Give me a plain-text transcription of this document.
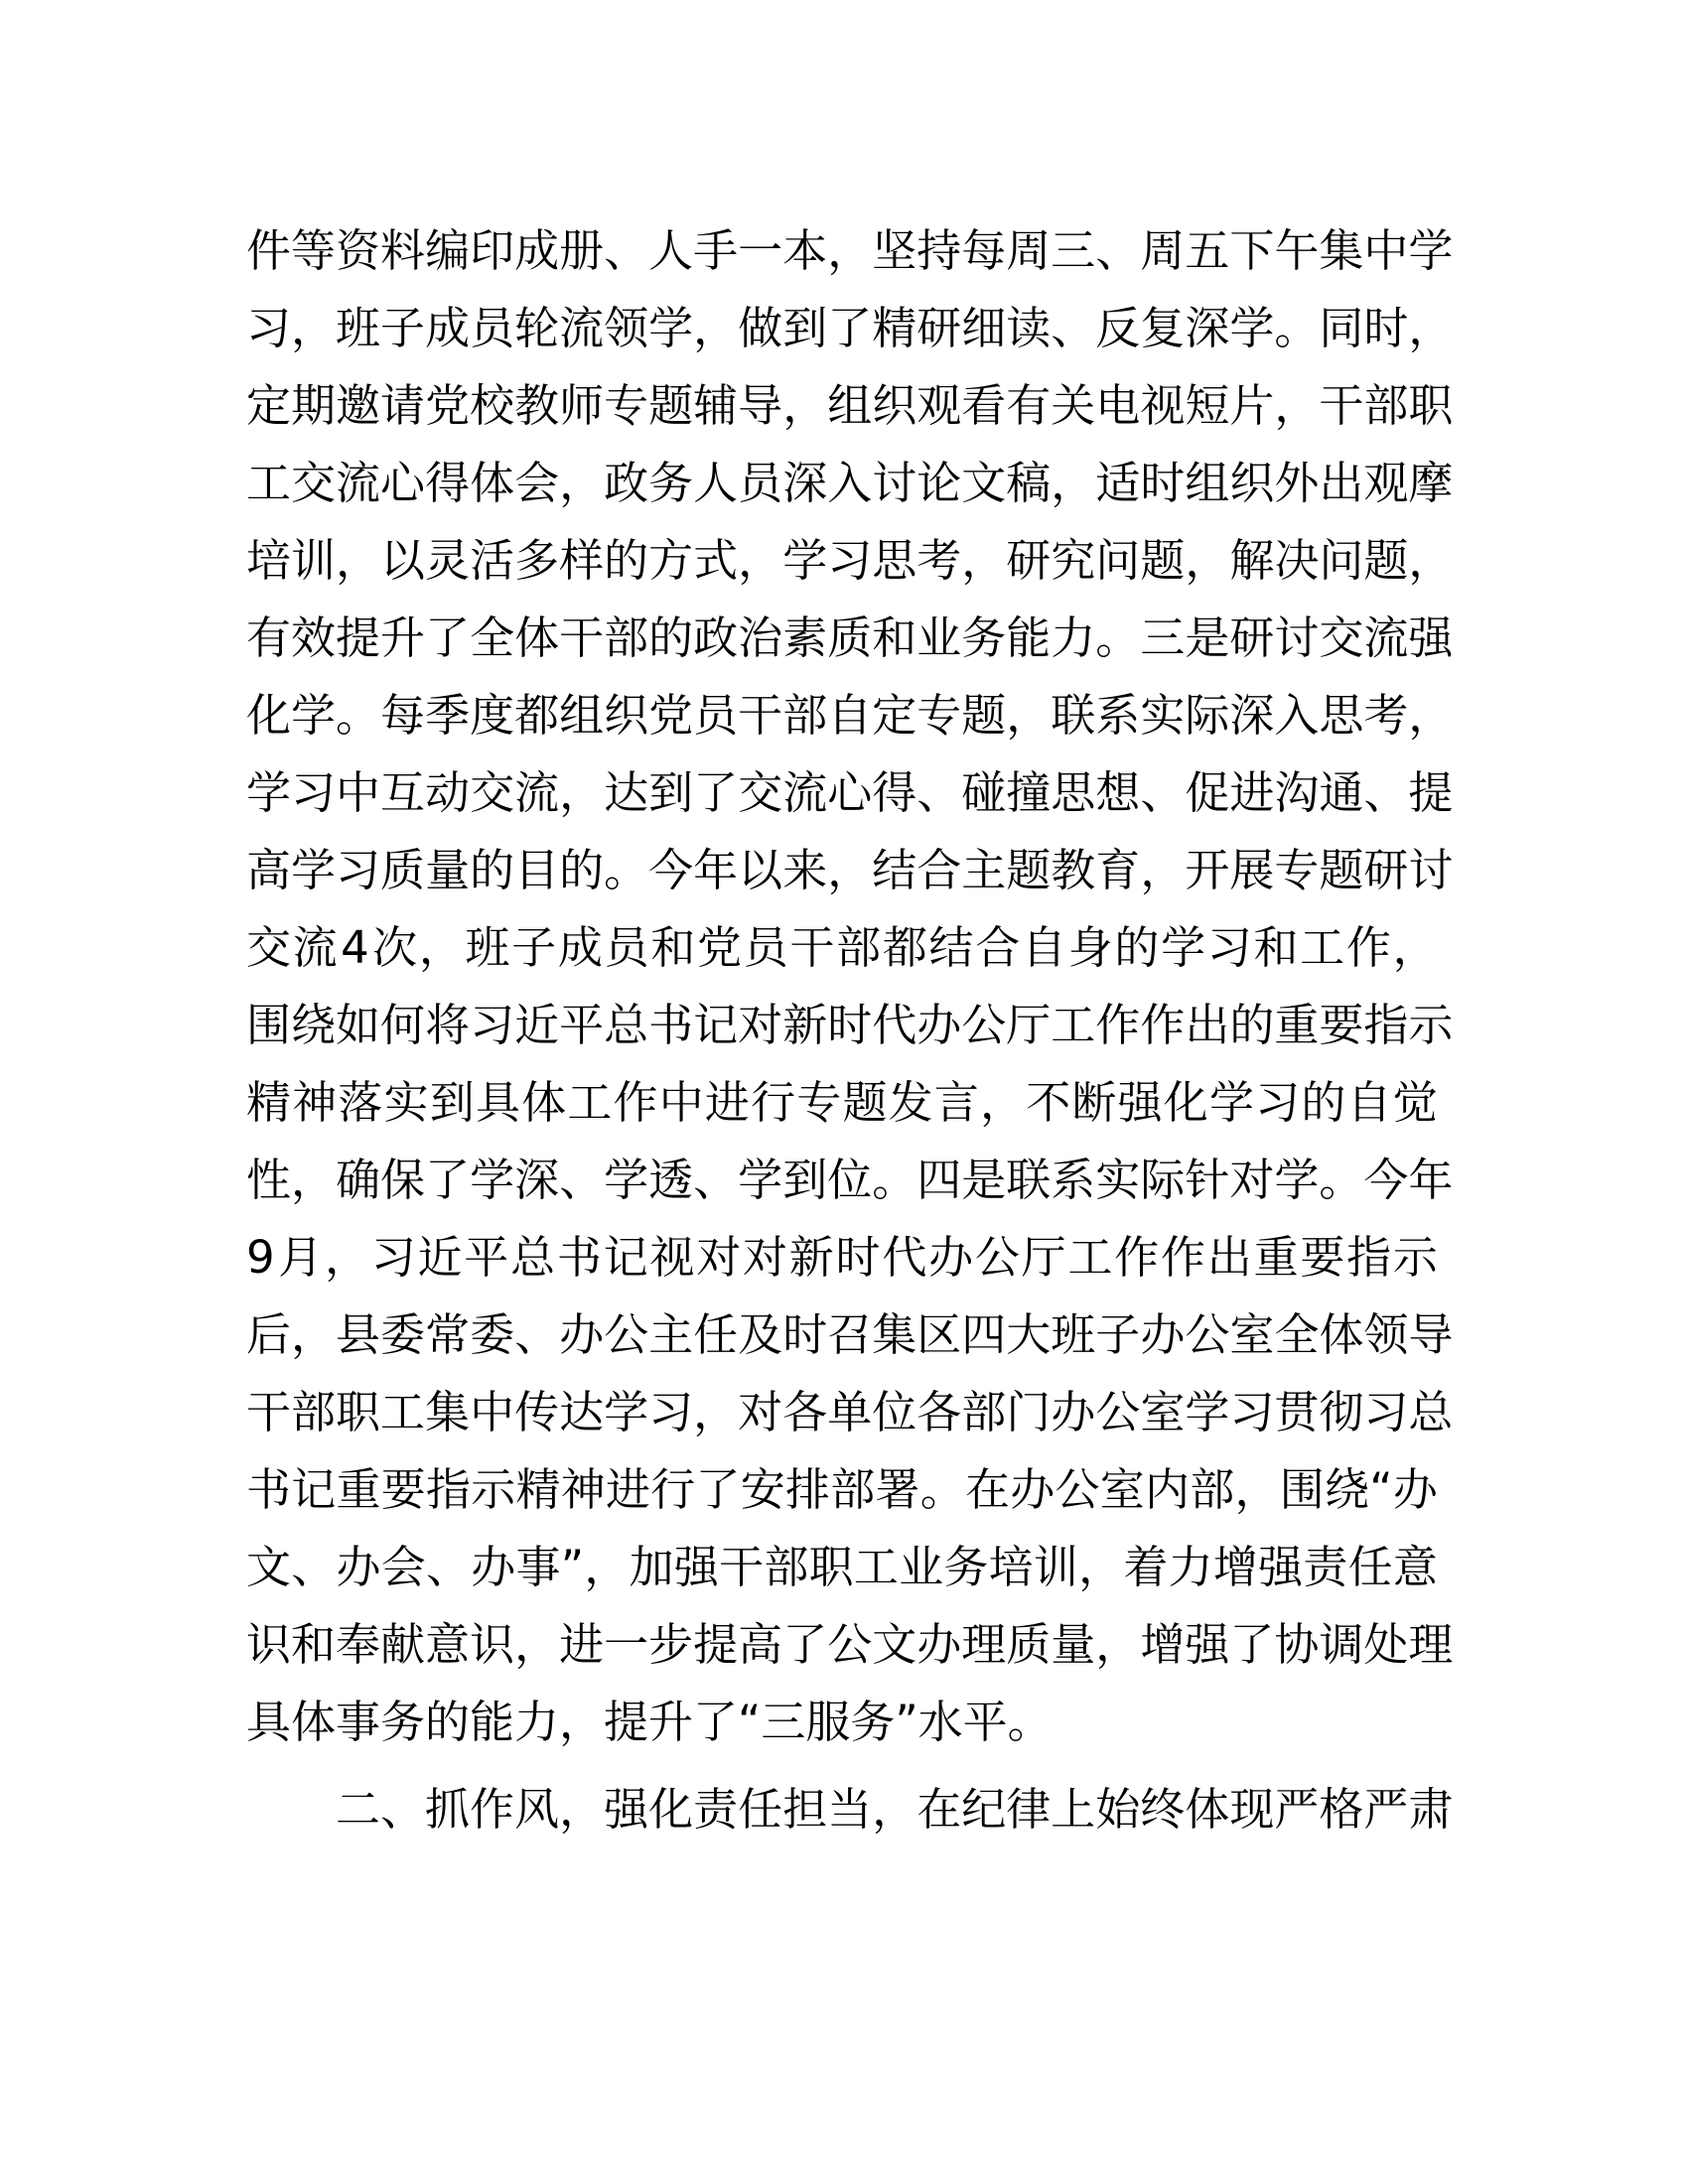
件 等 资 料 编 印 成 册 、 人 手 一 本 ， 坚 持 每 周 三 、 周 五 下 午 集 中 学
习 ， 班 子 成 员 轮 流 领 学 ， 做 到 了 精 研 细 读 、 反 复 深 学 。 同 时 ，
定 期 邀 请 党 校 教 师 专 题 辅 导 ， 组 织 观 看 有 关 电 视 短 片 ， 干 部 职
工 交 流 心 得 体 会 ， 政 务 人 员 深 入 讨 论 文 稿 ， 适 时 组 织 外 出 观 摩
培 训 ， 以 灵 活 多 样 的 方 式 ， 学 习 思 考 ， 研 究 问 题 ， 解 决 问 题 ，
有 效 提 升 了 全 体 干 部 的 政 治 素 质 和 业 务 能 力 。 三 是 研 讨 交 流 强
化 学 。 每 季 度 都 组 织 党 员 干 部 自 定 专 题 ， 联 系 实 际 深 入 思 考 ，
学 习 中 互 动 交 流 ， 达 到 了 交 流 心 得 、 碰 撞 思 想 、 促 进 沟 通 、 提
高 学 习 质 量 的 目 的 。 今 年 以 来 ， 结 合 主 题 教 育 ， 开 展 专 题 研 讨
交 流 4 次 ， 班 子 成 员 和 党 员 干 部 都 结 合 自 身 的 学 习 和 工 作 ，
围 绕 如 何 将 习 近 平 总 书 记 对 新 时 代 办 公 厅 工 作 作 出 的 重 要 指 示
精 神 落 实 到 具 体 工 作 中 进 行 专 题 发 言 ， 不 断 强 化 学 习 的 自 觉
性 ， 确 保 了 学 深 、 学 透 、 学 到 位 。 四 是 联 系 实 际 针 对 学 。 今 年
9 月 ， 习 近 平 总 书 记 视 对 对 新 时 代 办 公 厅 工 作 作 出 重 要 指 示
后 ， 县 委 常 委 、 办 公 主 任 及 时 召 集 区 四 大 班 子 办 公 室 全 体 领 导
干 部 职 工 集 中 传 达 学 习 ， 对 各 单 位 各 部 门 办 公 室 学 习 贯 彻 习 总
书 记 重 要 指 示 精 神 进 行 了 安 排 部 署 。 在 办 公 室 内 部 ， 围 绕 “ 办
文 、 办 会 、 办 事 ” ， 加 强 干 部 职 工 业 务 培 训 ， 着 力 增 强 责 任 意
识 和 奉 献 意 识 ， 进 一 步 提 高 了 公 文 办 理 质 量 ， 增 强 了 协 调 处 理
具体事务的能力，提升了“三服务”水平。
二 、 抓 作 风 ， 强 化 责 任 担 当 ， 在 纪 律 上 始 终 体 现 严 格 严 肃
